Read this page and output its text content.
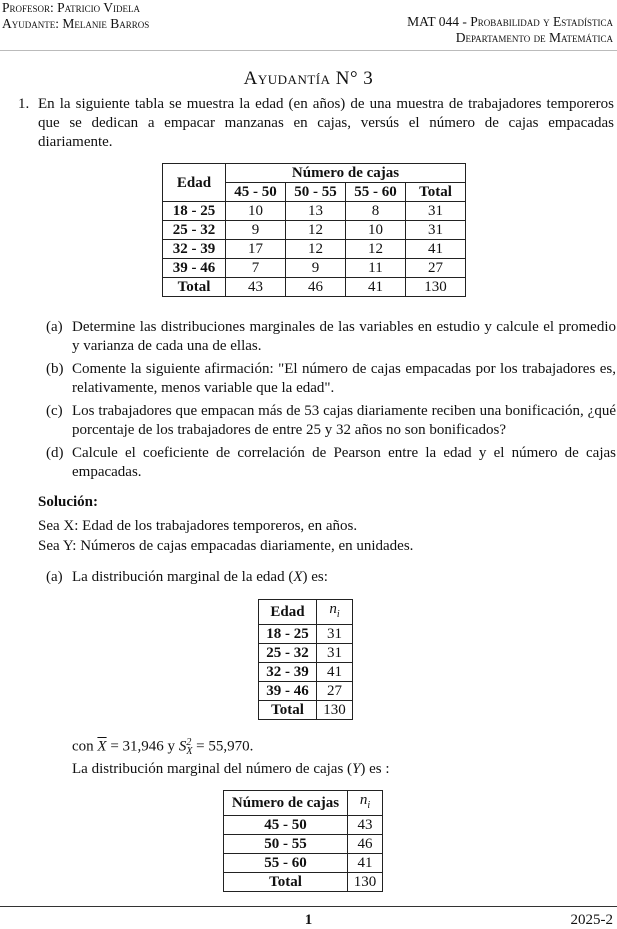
Profesor: Patricio Videla
Ayudante: Melanie Barros	MAT 044 - Probabilidad y Estadística
Departamento de Matemática
Ayudantía N° 3
1. En la siguiente tabla se muestra la edad (en años) de una muestra de trabajadores temporeros que se dedican a empacar manzanas en cajas, versús el número de cajas empacadas diariamente.
Edad	Número de cajas			
	45 - 50	50 - 55	55 - 60	Total
18 - 25	10	13	8	31
25 - 32	9	12	10	31
32 - 39	17	12	12	41
39 - 46	7	9	11	27
Total	43	46	41	130
(a) Determine las distribuciones marginales de las variables en estudio y calcule el promedio y varianza de cada una de ellas.
(b) Comente la siguiente afirmación: "El número de cajas empacadas por los trabajadores es, relativamente, menos variable que la edad".
(c) Los trabajadores que empacan más de 53 cajas diariamente reciben una bonificación, ¿qué porcentaje de los trabajadores de entre 25 y 32 años no son bonificados?
(d) Calcule el coeficiente de correlación de Pearson entre la edad y el número de cajas empacadas.
Solución:
Sea X: Edad de los trabajadores temporeros, en años.
Sea Y: Números de cajas empacadas diariamente, en unidades.
(a) La distribución marginal de la edad (X) es:
Edad	$n_i$
18 - 25	31
25 - 32	31
32 - 39	41
39 - 46	27
Total	130
con $\overline{X} = 31,946$ y S 2
X = 55,970.
La distribución marginal del número de cajas (Y) es :
Número de cajas	$n_i$
45 - 50	43
50 - 55	46
55 - 60	41
Total	130
1	2025-2
